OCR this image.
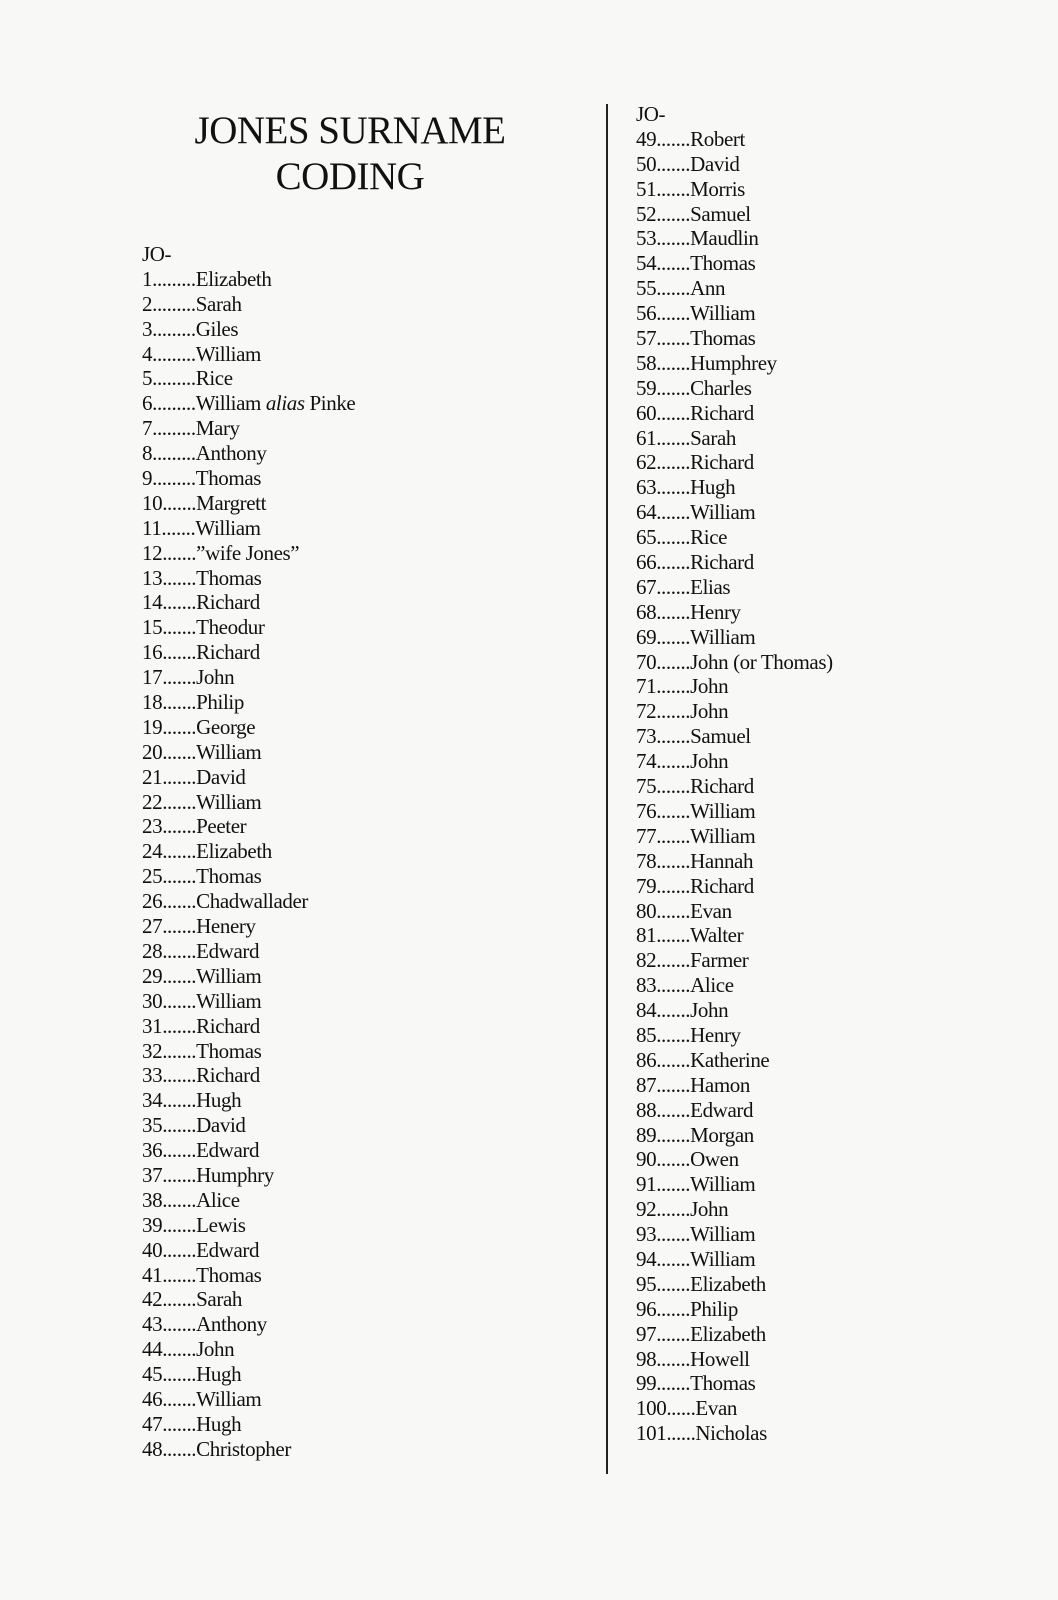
JONES SURNAME
CODING
JO-
1.........Elizabeth
2.........Sarah
3.........Giles
4.........William
5.........Rice
6.........William alias Pinke
7.........Mary
8.........Anthony
9.........Thomas
10.......Margrett
11.......William
12.......”wife Jones”
13.......Thomas
14.......Richard
15.......Theodur
16.......Richard
17.......John
18.......Philip
19.......George
20.......William
21.......David
22.......William
23.......Peeter
24.......Elizabeth
25.......Thomas
26.......Chadwallader
27.......Henery
28.......Edward
29.......William
30.......William
31.......Richard
32.......Thomas
33.......Richard
34.......Hugh
35.......David
36.......Edward
37.......Humphry
38.......Alice
39.......Lewis
40.......Edward
41.......Thomas
42.......Sarah
43.......Anthony
44.......John
45.......Hugh
46.......William
47.......Hugh
48.......Christopher
JO-
49.......Robert
50.......David
51.......Morris
52.......Samuel
53.......Maudlin
54.......Thomas
55.......Ann
56.......William
57.......Thomas
58.......Humphrey
59.......Charles
60.......Richard
61.......Sarah
62.......Richard
63.......Hugh
64.......William
65.......Rice
66.......Richard
67.......Elias
68.......Henry
69.......William
70.......John (or Thomas)
71.......John
72.......John
73.......Samuel
74.......John
75.......Richard
76.......William
77.......William
78.......Hannah
79.......Richard
80.......Evan
81.......Walter
82.......Farmer
83.......Alice
84.......John
85.......Henry
86.......Katherine
87.......Hamon
88.......Edward
89.......Morgan
90.......Owen
91.......William
92.......John
93.......William
94.......William
95.......Elizabeth
96.......Philip
97.......Elizabeth
98.......Howell
99.......Thomas
100......Evan
101......Nicholas
